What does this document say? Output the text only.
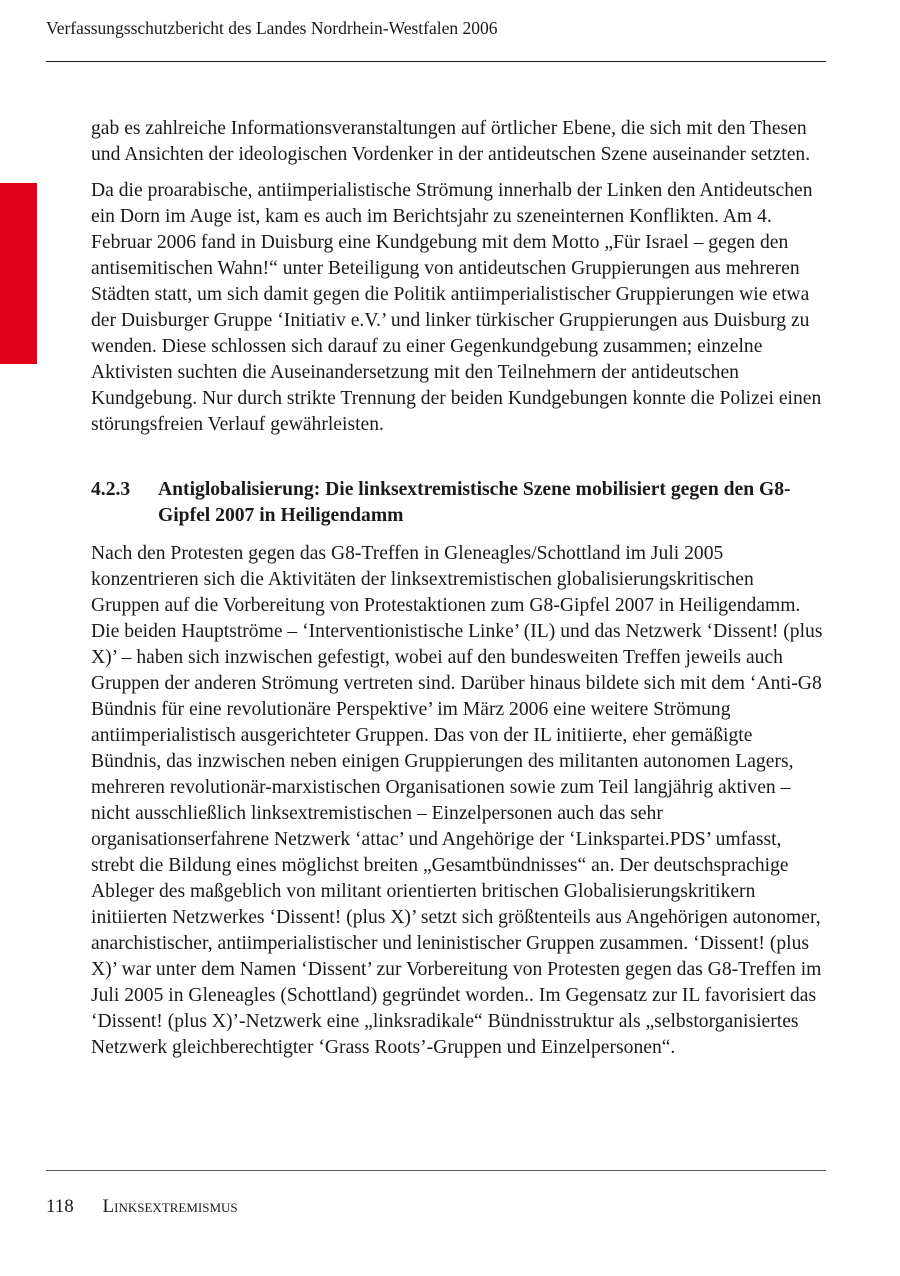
Verfassungsschutzbericht des Landes Nordrhein-Westfalen 2006

gab es zahlreiche Informationsveranstaltungen auf örtlicher Ebene, die sich mit den Thesen und Ansichten der ideologischen Vordenker in der antideutschen Szene auseinander setzten.

Da die proarabische, antiimperialistische Strömung innerhalb der Linken den Antideutschen ein Dorn im Auge ist, kam es auch im Berichtsjahr zu szeneinternen Konflikten. Am 4. Februar 2006 fand in Duisburg eine Kundgebung mit dem Motto „Für Israel – gegen den antisemitischen Wahn!“ unter Beteiligung von antideutschen Gruppierungen aus mehreren Städten statt, um sich damit gegen die Politik antiimperialistischer Gruppierungen wie etwa der Duisburger Gruppe ‘Initiativ e.V.’ und linker türkischer Gruppierungen aus Duisburg zu wenden. Diese schlossen sich darauf zu einer Gegenkundgebung zusammen; einzelne Aktivisten suchten die Auseinandersetzung mit den Teilnehmern der antideutschen Kundgebung. Nur durch strikte Trennung der beiden Kundgebungen konnte die Polizei einen störungsfreien Verlauf gewährleisten.

4.2.3	Antiglobalisierung: Die linksextremistische Szene mobilisiert gegen den G8-Gipfel 2007 in Heiligendamm

Nach den Protesten gegen das G8-Treffen in Gleneagles/Schottland im Juli 2005 konzentrieren sich die Aktivitäten der linksextremistischen globalisierungskritischen Gruppen auf die Vorbereitung von Protestaktionen zum G8-Gipfel 2007 in Heiligendamm. Die beiden Hauptströme – ‘Interventionistische Linke’ (IL) und das Netzwerk ‘Dissent! (plus X)’ – haben sich inzwischen gefestigt, wobei auf den bundesweiten Treffen jeweils auch Gruppen der anderen Strömung vertreten sind. Darüber hinaus bildete sich mit dem ‘Anti-G8 Bündnis für eine revolutionäre Perspektive’ im März 2006 eine weitere Strömung antiimperialistisch ausgerichteter Gruppen. Das von der IL initiierte, eher gemäßigte Bündnis, das inzwischen neben einigen Gruppierungen des militanten autonomen Lagers, mehreren revolutionär-marxistischen Organisationen sowie zum Teil langjährig aktiven – nicht ausschließlich linksextremistischen – Einzelpersonen auch das sehr organisationserfahrene Netzwerk ‘attac’ und Angehörige der ‘Linkspartei.PDS’ umfasst, strebt die Bildung eines möglichst breiten „Gesamtbündnisses“ an. Der deutschsprachige Ableger des maßgeblich von militant orientierten britischen Globalisierungskritikern initiierten Netzwerkes ‘Dissent! (plus X)’ setzt sich größtenteils aus Angehörigen autonomer, anarchistischer, antiimperialistischer und leninistischer Gruppen zusammen. ‘Dissent! (plus X)’ war unter dem Namen ‘Dissent’ zur Vorbereitung von Protesten gegen das G8-Treffen im Juli 2005 in Gleneagles (Schottland) gegründet worden.. Im Gegensatz zur IL favorisiert das ‘Dissent! (plus X)’-Netzwerk eine „linksradikale“ Bündnisstruktur als „selbstorganisiertes Netzwerk gleichberechtigter ‘Grass Roots’-Gruppen und Einzelpersonen“.

118 Linksextremismus
